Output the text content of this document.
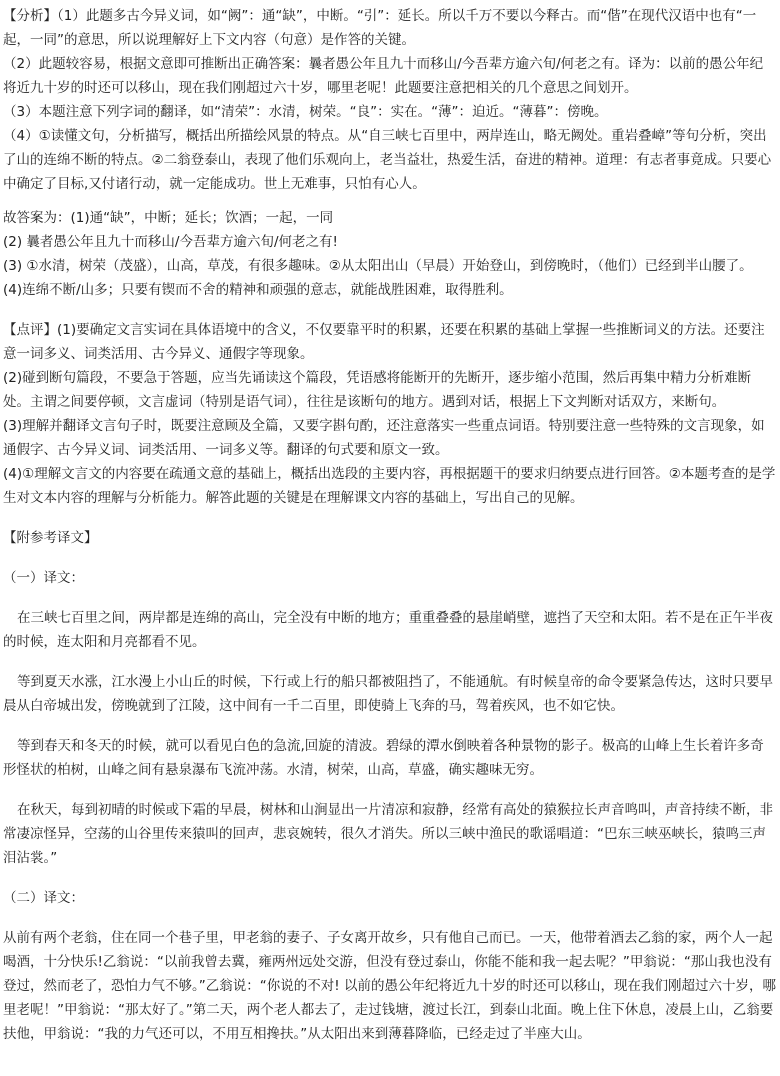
【分析】（1）此题多古今异义词，如“阙”：通“缺”，中断。“引”：延长。所以千万不要以今释古。而“偕”在现代汉语中也有“一起，一同”的意思，所以说理解好上下文内容（句意）是作答的关键。

（2）此题较容易，根据文意即可推断出正确答案：曩者愚公年且九十而移山/今吾辈方逾六旬/何老之有。译为：以前的愚公年纪将近九十岁的时还可以移山，现在我们刚超过六十岁，哪里老呢！此题要注意把相关的几个意思之间划开。

（3）本题注意下列字词的翻译，如“清荣”：水清，树荣。“良”：实在。“薄”：迫近。“薄暮”：傍晚。

（4）①读懂文句，分析描写，概括出所描绘风景的特点。从“自三峡七百里中，两岸连山，略无阙处。重岩叠嶂”等句分析，突出了山的连绵不断的特点。②二翁登泰山，表现了他们乐观向上，老当益壮，热爱生活，奋进的精神。道理：有志者事竟成。只要心中确定了目标,又付诸行动，就一定能成功。世上无难事，只怕有心人。

故答案为：(1)通“缺”，中断；延长；饮酒；一起，一同

(2) 曩者愚公年且九十而移山/今吾辈方逾六旬/何老之有!

(3) ①水清，树荣（茂盛），山高，草茂，有很多趣味。②从太阳出山（早晨）开始登山，到傍晚时，（他们）已经到半山腰了。

(4)连绵不断/山多；只要有锲而不舍的精神和顽强的意志，就能战胜困难，取得胜利。

【点评】(1)要确定文言实词在具体语境中的含义，不仅要靠平时的积累，还要在积累的基础上掌握一些推断词义的方法。还要注意一词多义、词类活用、古今异义、通假字等现象。

(2)碰到断句篇段，不要急于答题，应当先诵读这个篇段，凭语感将能断开的先断开，逐步缩小范围，然后再集中精力分析难断处。主谓之间要停顿，文言虚词（特别是语气词），往往是该断句的地方。遇到对话，根据上下文判断对话双方，来断句。

(3)理解并翻译文言句子时，既要注意顾及全篇，又要字斟句酌，还注意落实一些重点词语。特别要注意一些特殊的文言现象，如通假字、古今异义词、词类活用、一词多义等。翻译的句式要和原文一致。

(4)①理解文言文的内容要在疏通文意的基础上，概括出选段的主要内容，再根据题干的要求归纳要点进行回答。②本题考查的是学生对文本内容的理解与分析能力。解答此题的关键是在理解课文内容的基础上，写出自己的见解。

【附参考译文】

（一）译文：

在三峡七百里之间，两岸都是连绵的高山，完全没有中断的地方；重重叠叠的悬崖峭壁，遮挡了天空和太阳。若不是在正午半夜的时候，连太阳和月亮都看不见。

等到夏天水涨，江水漫上小山丘的时候，下行或上行的船只都被阻挡了，不能通航。有时候皇帝的命令要紧急传达，这时只要早晨从白帝城出发，傍晚就到了江陵，这中间有一千二百里，即使骑上飞奔的马，驾着疾风，也不如它快。

等到春天和冬天的时候，就可以看见白色的急流,回旋的清波。碧绿的潭水倒映着各种景物的影子。极高的山峰上生长着许多奇形怪状的柏树，山峰之间有悬泉瀑布飞流冲荡。水清，树荣，山高，草盛，确实趣味无穷。

在秋天，每到初晴的时候或下霜的早晨，树林和山涧显出一片清凉和寂静，经常有高处的猿猴拉长声音鸣叫，声音持续不断，非常凄凉怪异，空荡的山谷里传来猿叫的回声，悲哀婉转，很久才消失。所以三峡中渔民的歌谣唱道：“巴东三峡巫峡长，猿鸣三声泪沾裳。”

（二）译文：

从前有两个老翁，住在同一个巷子里，甲老翁的妻子、子女离开故乡，只有他自己而已。一天，他带着酒去乙翁的家，两个人一起喝酒，十分快乐!乙翁说：“以前我曾去冀，雍两州远处交游，但没有登过泰山，你能不能和我一起去呢？”甲翁说：“那山我也没有登过，然而老了，恐怕力气不够。”乙翁说：“你说的不对! 以前的愚公年纪将近九十岁的时还可以移山，现在我们刚超过六十岁，哪里老呢！”甲翁说：“那太好了。”第二天，两个老人都去了，走过钱塘，渡过长江，到泰山北面。晚上住下休息，凌晨上山，乙翁要扶他，甲翁说：“我的力气还可以，不用互相搀扶。”从太阳出来到薄暮降临，已经走过了半座大山。
